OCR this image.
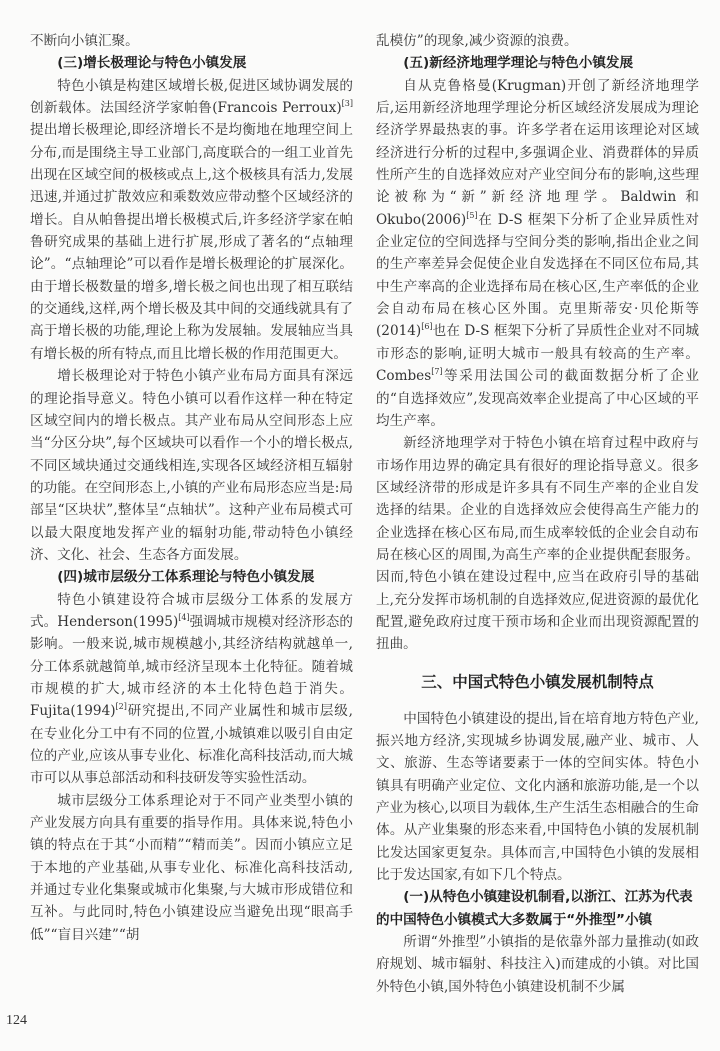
不断向小镇汇聚。

(三)增长极理论与特色小镇发展

特色小镇是构建区域增长极,促进区域协调发展的创新载体。法国经济学家帕鲁(Francois Perroux)[3]提出增长极理论,即经济增长不是均衡地在地理空间上分布,而是围绕主导工业部门,高度联合的一组工业首先出现在区域空间的极核或点上,这个极核具有活力,发展迅速,并通过扩散效应和乘数效应带动整个区域经济的增长。自从帕鲁提出增长极模式后,许多经济学家在帕鲁研究成果的基础上进行扩展,形成了著名的“点轴理论”。“点轴理论”可以看作是增长极理论的扩展深化。由于增长极数量的增多,增长极之间也出现了相互联结的交通线,这样,两个增长极及其中间的交通线就具有了高于增长极的功能,理论上称为发展轴。发展轴应当具有增长极的所有特点,而且比增长极的作用范围更大。

增长极理论对于特色小镇产业布局方面具有深远的理论指导意义。特色小镇可以看作这样一种在特定区域空间内的增长极点。其产业布局从空间形态上应当“分区分块”,每个区域块可以看作一个小的增长极点,不同区域块通过交通线相连,实现各区域经济相互辐射的功能。在空间形态上,小镇的产业布局形态应当是:局部呈“区块状”,整体呈“点轴状”。这种产业布局模式可以最大限度地发挥产业的辐射功能,带动特色小镇经济、文化、社会、生态各方面发展。

(四)城市层级分工体系理论与特色小镇发展

特色小镇建设符合城市层级分工体系的发展方式。Henderson(1995)[4]强调城市规模对经济形态的影响。一般来说,城市规模越小,其经济结构就越单一,分工体系就越简单,城市经济呈现本土化特征。随着城市规模的扩大,城市经济的本土化特色趋于消失。Fujita(1994)[2]研究提出,不同产业属性和城市层级,在专业化分工中有不同的位置,小城镇难以吸引自由定位的产业,应该从事专业化、标准化高科技活动,而大城市可以从事总部活动和科技研发等实验性活动。

城市层级分工体系理论对于不同产业类型小镇的产业发展方向具有重要的指导作用。具体来说,特色小镇的特点在于其“小而精”“精而美”。因而小镇应立足于本地的产业基础,从事专业化、标准化高科技活动, 并通过专业化集聚或城市化集聚,与大城市形成错位和互补。与此同时,特色小镇建设应当避免出现“眼高手低”“盲目兴建”“胡

乱模仿”的现象,减少资源的浪费。

(五)新经济地理学理论与特色小镇发展

自从克鲁格曼(Krugman)开创了新经济地理学后,运用新经济地理学理论分析区域经济发展成为理论经济学界最热衷的事。许多学者在运用该理论对区域经济进行分析的过程中,多强调企业、消费群体的异质性所产生的自选择效应对产业空间分布的影响,这些理论被称为“新”新经济地理学。Baldwin 和 Okubo(2006)[5]在 D-S 框架下分析了企业异质性对企业定位的空间选择与空间分类的影响,指出企业之间的生产率差异会促使企业自发选择在不同区位布局,其中生产率高的企业选择布局在核心区,生产率低的企业会自动布局在核心区外围。克里斯蒂安·贝伦斯等(2014)[6]也在 D-S 框架下分析了异质性企业对不同城市形态的影响,证明大城市一般具有较高的生产率。Combes[7]等采用法国公司的截面数据分析了企业的“自选择效应”,发现高效率企业提高了中心区域的平均生产率。

新经济地理学对于特色小镇在培育过程中政府与市场作用边界的确定具有很好的理论指导意义。很多区域经济带的形成是许多具有不同生产率的企业自发选择的结果。企业的自选择效应会使得高生产能力的企业选择在核心区布局,而生成率较低的企业会自动布局在核心区的周围,为高生产率的企业提供配套服务。因而,特色小镇在建设过程中,应当在政府引导的基础上,充分发挥市场机制的自选择效应,促进资源的最优化配置,避免政府过度干预市场和企业而出现资源配置的扭曲。

三、中国式特色小镇发展机制特点

中国特色小镇建设的提出,旨在培育地方特色产业,振兴地方经济,实现城乡协调发展,融产业、城市、人文、旅游、生态等诸要素于一体的空间实体。特色小镇具有明确产业定位、文化内涵和旅游功能,是一个以产业为核心,以项目为载体,生产生活生态相融合的生命体。从产业集聚的形态来看,中国特色小镇的发展机制比发达国家更复杂。具体而言,中国特色小镇的发展相比于发达国家,有如下几个特点。

(一)从特色小镇建设机制看,以浙江、江苏为代表的中国特色小镇模式大多数属于“外推型”小镇

所谓“外推型”小镇指的是依靠外部力量推动(如政府规划、城市辐射、科技注入)而建成的小镇。对比国外特色小镇,国外特色小镇建设机制不少属

124
